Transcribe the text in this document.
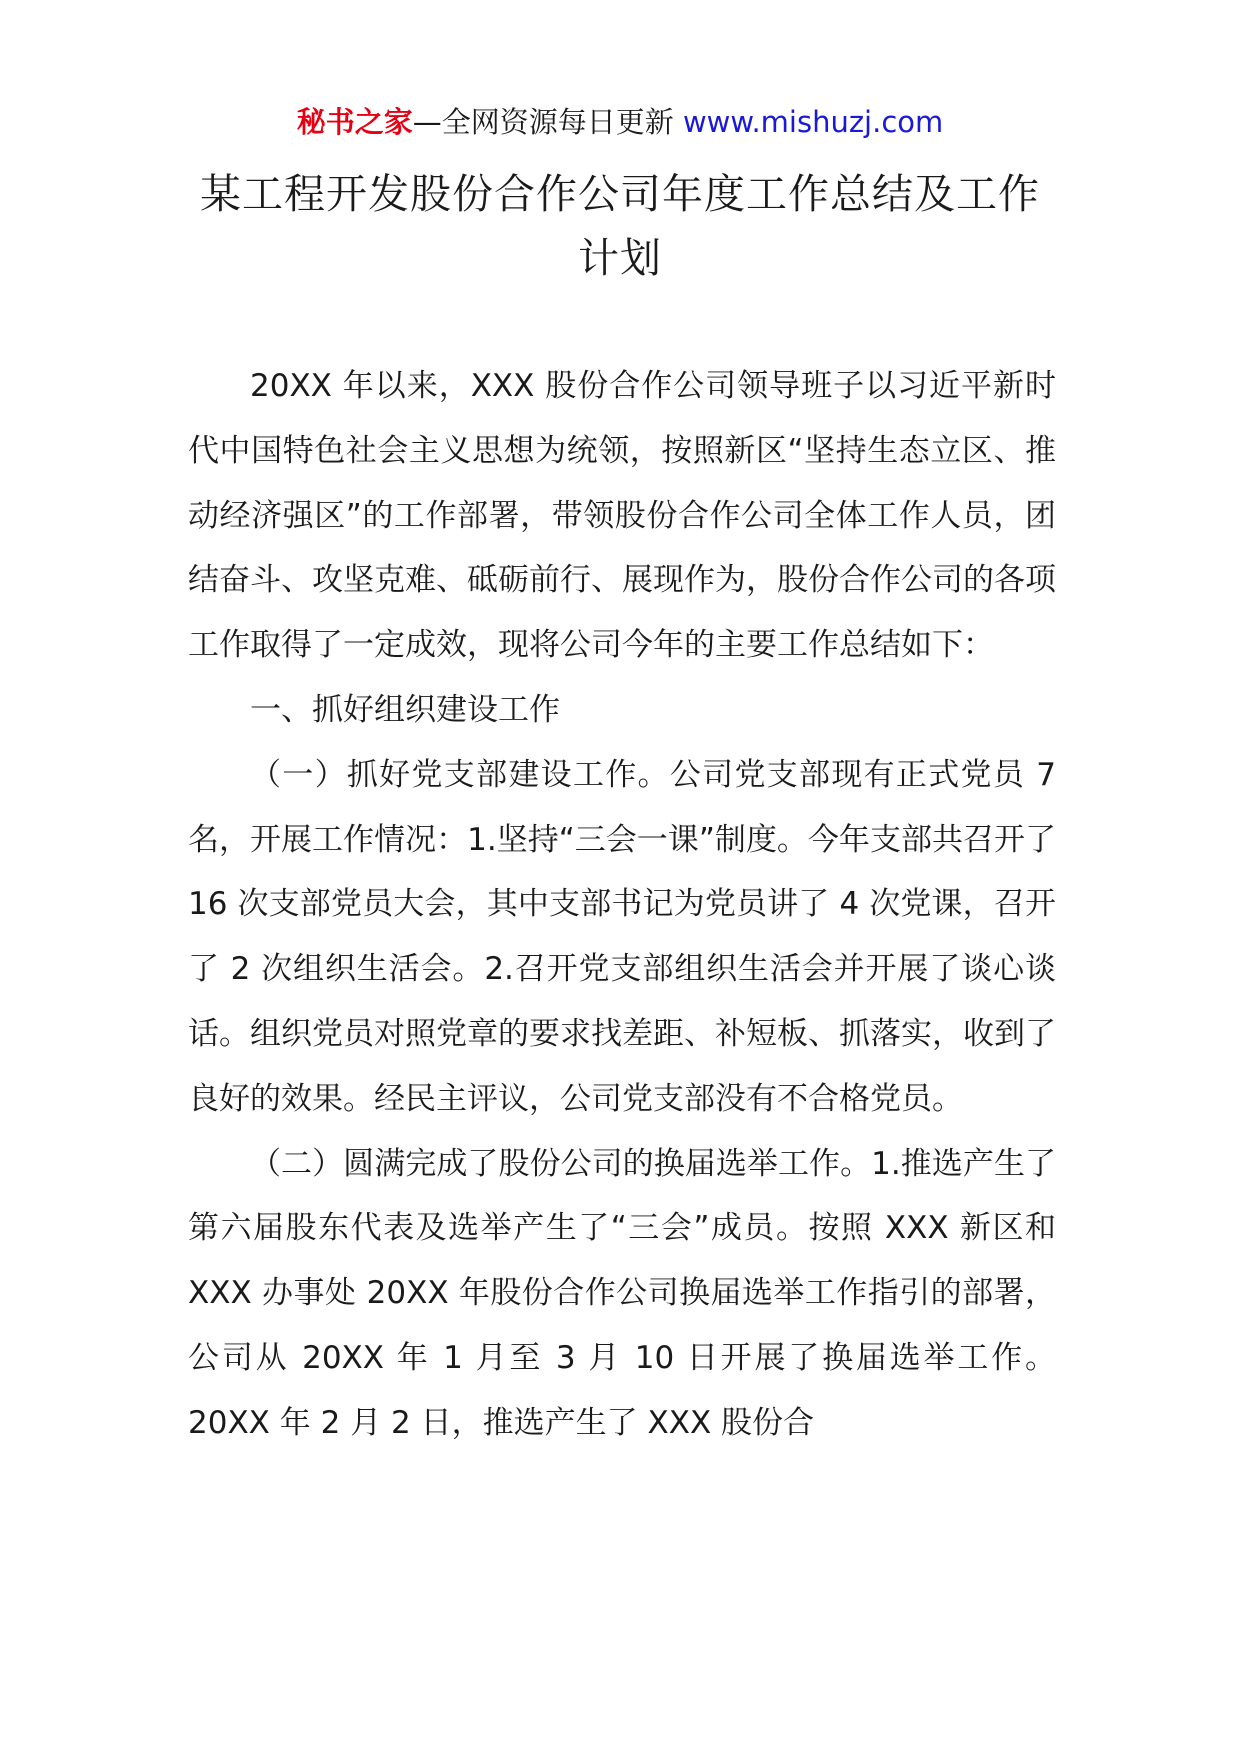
秘书之家—全网资源每日更新 www.mishuzj.com
某工程开发股份合作公司年度工作总结及工作计划

20XX 年以来，XXX 股份合作公司领导班子以习近平新时代中国特色社会主义思想为统领，按照新区“坚持生态立区、推动经济强区”的工作部署，带领股份合作公司全体工作人员，团结奋斗、攻坚克难、砥砺前行、展现作为，股份合作公司的各项工作取得了一定成效，现将公司今年的主要工作总结如下：

一、抓好组织建设工作

（一）抓好党支部建设工作。公司党支部现有正式党员 7 名，开展工作情况：1.坚持“三会一课”制度。今年支部共召开了 16 次支部党员大会，其中支部书记为党员讲了 4 次党课，召开了 2 次组织生活会。2.召开党支部组织生活会并开展了谈心谈话。组织党员对照党章的要求找差距、补短板、抓落实，收到了良好的效果。经民主评议，公司党支部没有不合格党员。

（二）圆满完成了股份公司的换届选举工作。1.推选产生了第六届股东代表及选举产生了“三会”成员。按照 XXX 新区和 XXX 办事处 20XX 年股份合作公司换届选举工作指引的部署，公司从 20XX 年 1 月至 3 月 10 日开展了换届选举工作。20XX 年 2 月 2 日，推选产生了 XXX 股份合
